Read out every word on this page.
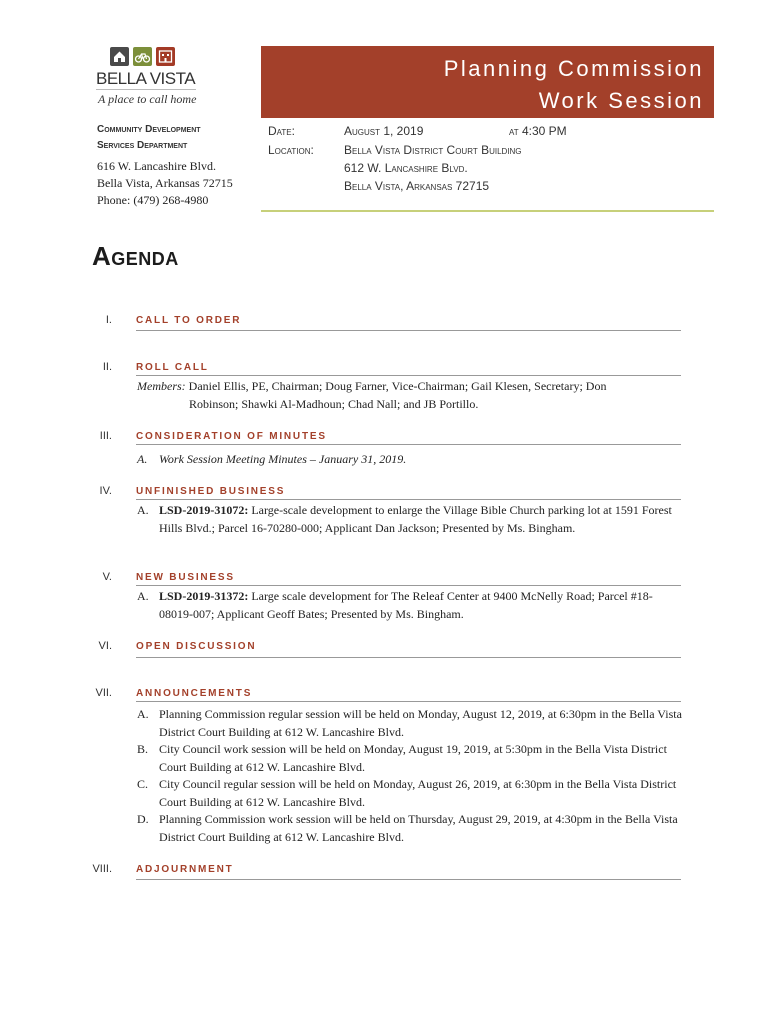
BELLA VISTA
A place to call home
Planning Commission
Work Session
Community Development
Services Department
616 W. Lancashire Blvd.
Bella Vista, Arkansas 72715
Phone: (479) 268-4980
Date:	August 1, 2019	at 4:30 PM
Location:	Bella Vista District Court Building
612 W. Lancashire Blvd.
Bella Vista, Arkansas 72715
Agenda
I. CALL TO ORDER
II. ROLL CALL
Members: Daniel Ellis, PE, Chairman; Doug Farner, Vice-Chairman; Gail Klesen, Secretary; Don
Robinson; Shawki Al-Madhoun; Chad Nall; and JB Portillo.
III. CONSIDERATION OF MINUTES
A. Work Session Meeting Minutes – January 31, 2019.
IV. UNFINISHED BUSINESS
A. LSD-2019-31072: Large-scale development to enlarge the Village Bible Church parking lot at 1591 Forest Hills Blvd.; Parcel 16-70280-000; Applicant Dan Jackson; Presented by Ms. Bingham.
V. NEW BUSINESS
A. LSD-2019-31372: Large scale development for The Releaf Center at 9400 McNelly Road; Parcel #18-08019-007; Applicant Geoff Bates; Presented by Ms. Bingham.
VI. OPEN DISCUSSION
VII. ANNOUNCEMENTS
A. Planning Commission regular session will be held on Monday, August 12, 2019, at 6:30pm in the Bella Vista District Court Building at 612 W. Lancashire Blvd.
B. City Council work session will be held on Monday, August 19, 2019, at 5:30pm in the Bella Vista District Court Building at 612 W. Lancashire Blvd.
C. City Council regular session will be held on Monday, August 26, 2019, at 6:30pm in the Bella Vista District Court Building at 612 W. Lancashire Blvd.
D. Planning Commission work session will be held on Thursday, August 29, 2019, at 4:30pm in the Bella Vista District Court Building at 612 W. Lancashire Blvd.
VIII. ADJOURNMENT
